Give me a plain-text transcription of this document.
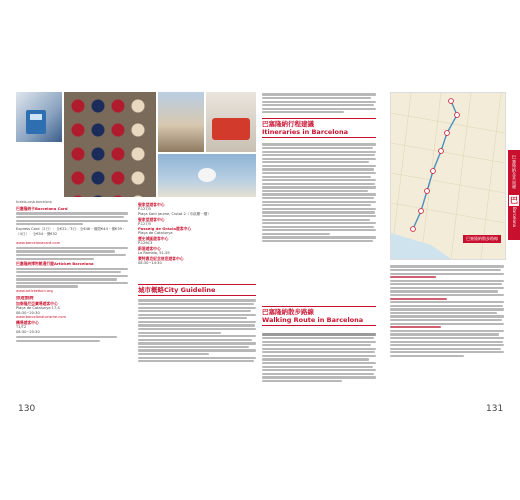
tickets.cosb.barcelona
巴塞隆納卡Barcelona Card
Express Card（2日）：全€22／3日：全€46・僅限€44・僅€39・（4日）：全€54・僅€52
www.barcelonacard.com
巴塞隆納博物館通行證Articket Barcelona
www.articketbcn.org
旅遊諮詢
加泰隆尼亞廣場遊客中心
Plaça de Catalunya 17-S
08:30~20:30
www.barcelonaturisme.com
機場遊客中心
T1/T2
08:30~20:30
聖家堂遊客中心
P.127/5
Plaça Sant Jaume, Ciutat 2（市政廳一樓）
聖家堂遊客中心
P.127/5
Passeig de Gràcia遊客中心
Plaça de Catalunya
歷史城區遊客中心
P.126C3
新港遊客中心
La Rambla, 51-59
蒙特惠克紀念信息遊客中心
08:30~14:30
城市概略City Guideline
130
巴塞隆納行程建議
Itineraries in Barcelona
巴塞隆納散步路線
Walking Route in Barcelona
巴塞隆納散步路線
131
巴塞隆納及其周邊
巴
Barcelona
